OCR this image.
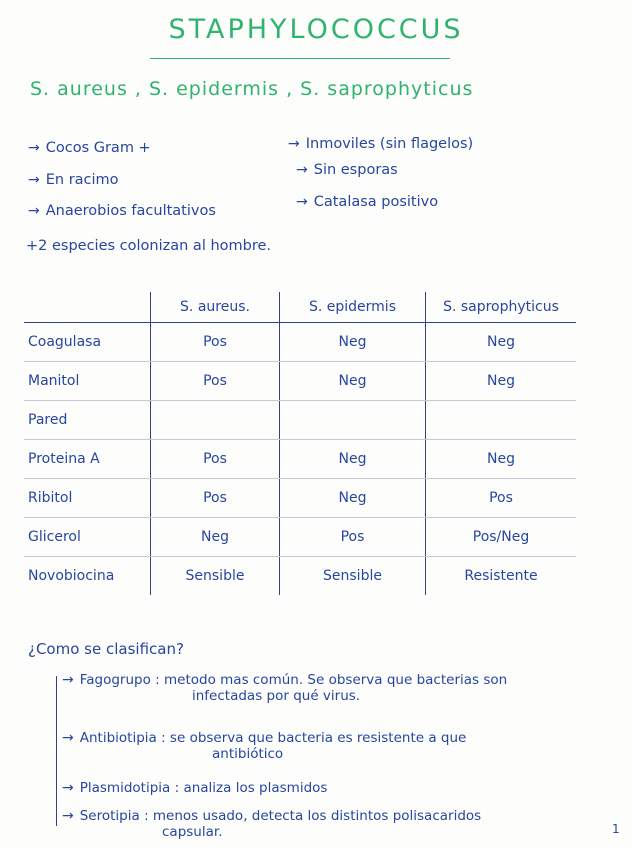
STAPHYLOCOCCUS
S. aureus , S. epidermis , S. saprophyticus
→ Cocos Gram +
→ En racimo
→ Anaerobios facultativos
→ Inmoviles (sin flagelos)
→ Sin esporas
→ Catalasa positivo
+2 especies colonizan al hombre.
	S. aureus.	S. epidermis	S. saprophyticus
Coagulasa	Pos	Neg	Neg
Manitol	Pos	Neg	Neg
Pared			
Proteina A	Pos	Neg	Neg
Ribitol	Pos	Neg	Pos
Glicerol	Neg	Pos	Pos/Neg
Novobiocina	Sensible	Sensible	Resistente
¿Como se clasifican?
→ Fagogrupo : metodo mas común. Se observa que bacterias son
infectadas por qué virus.
→ Antibiotipia : se observa que bacteria es resistente a que
antibiótico
→ Plasmidotipia : analiza los plasmidos
→ Serotipia : menos usado, detecta los distintos polisacaridos
capsular.	1
